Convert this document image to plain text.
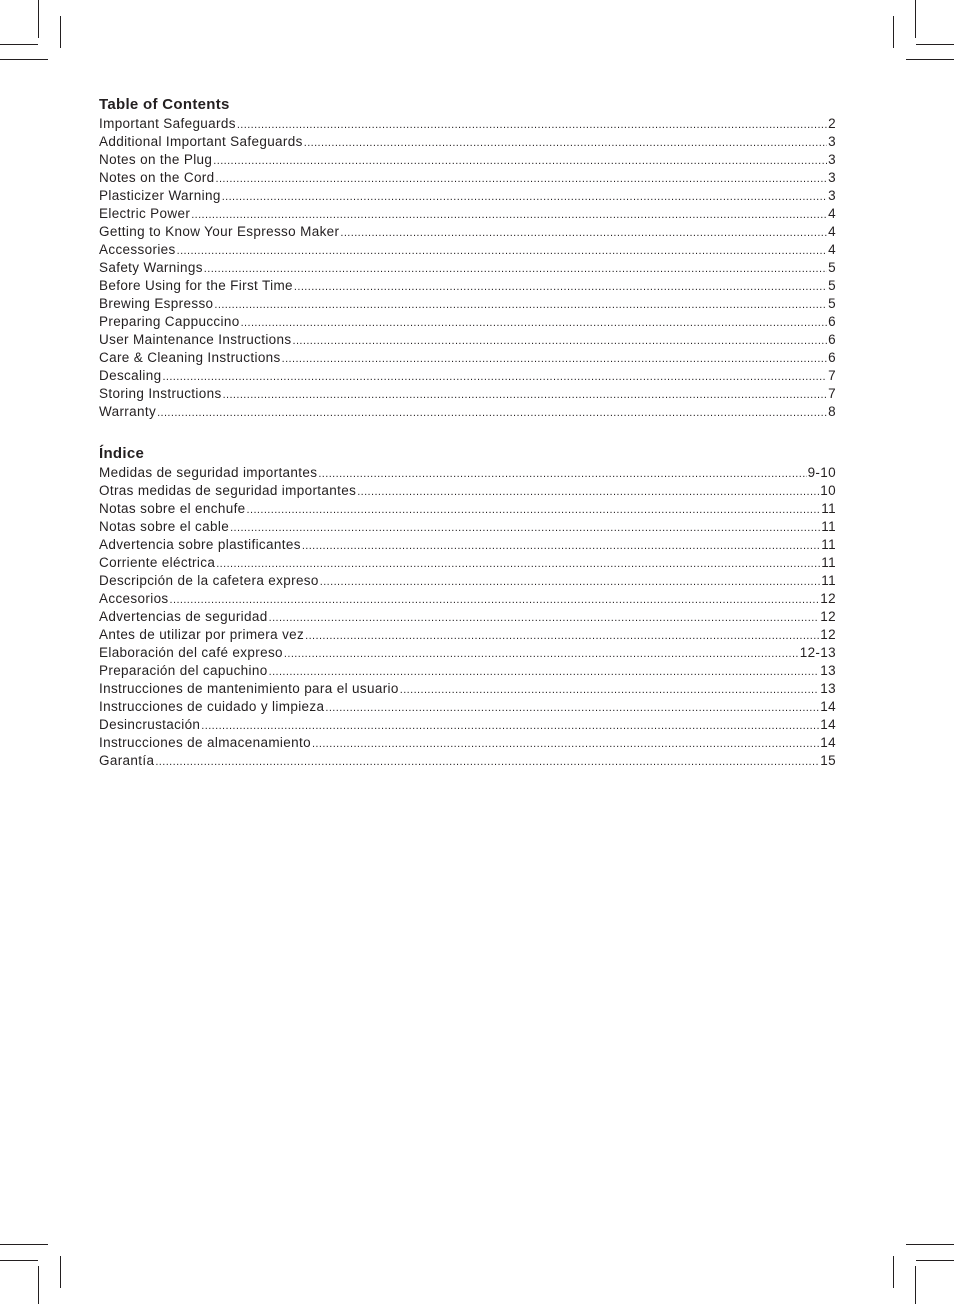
Table of Contents
Important Safeguards .....	2
Additional Important Safeguards .....	3
Notes on the Plug .....	3
Notes on the Cord .....	3
Plasticizer Warning .....	3
Electric Power .....	4
Getting to Know Your Espresso Maker .....	4
Accessories .....	4
Safety Warnings .....	5
Before Using for the First Time .....	5
Brewing Espresso .....	5
Preparing Cappuccino .....	6
User Maintenance Instructions .....	6
Care & Cleaning Instructions .....	6
Descaling .....	7
Storing Instructions .....	7
Warranty .....	8
Índice
Medidas de seguridad importantes .....	9-10
Otras medidas de seguridad importantes .....	10
Notas sobre el enchufe .....	11
Notas sobre el cable .....	11
Advertencia sobre plastificantes .....	11
Corriente eléctrica .....	11
Descripción de la cafetera expreso .....	11
Accesorios .....	12
Advertencias de seguridad .....	12
Antes de utilizar por primera vez .....	12
Elaboración del café expreso .....	12-13
Preparación del capuchino .....	13
Instrucciones de mantenimiento para el usuario .....	13
Instrucciones de cuidado y limpieza .....	14
Desincrustación .....	14
Instrucciones de almacenamiento .....	14
Garantía .....	15
